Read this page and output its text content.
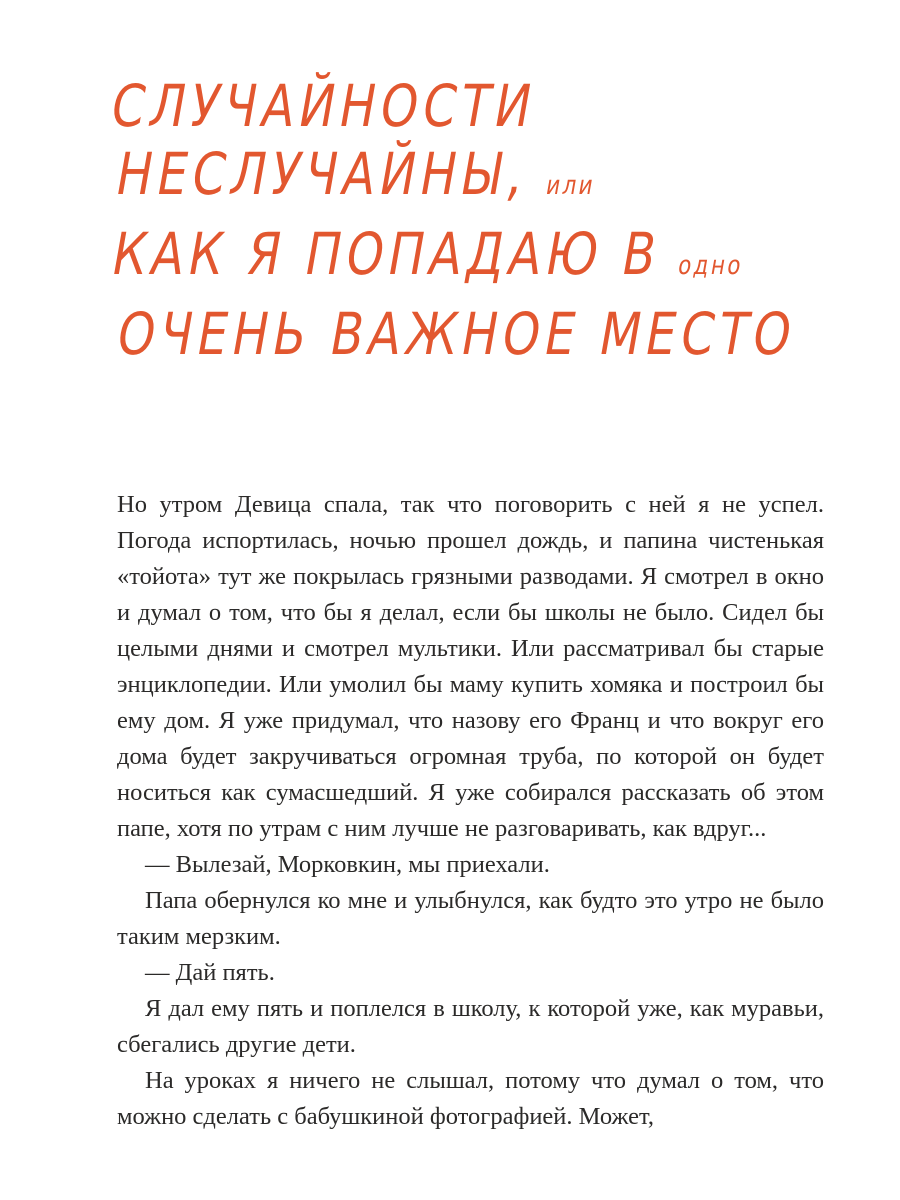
СЛУЧАЙНОСТИ
НЕСЛУЧАЙНЫ, или
КАК Я ПОПАДАЮ В одно
ОЧЕНЬ ВАЖНОЕ МЕСТО

Но утром Девица спала, так что поговорить с ней я не успел. Погода испортилась, ночью прошел дождь, и папина чистенькая «тойота» тут же покрылась грязными разводами. Я смотрел в окно и думал о том, что бы я делал, если бы школы не было. Сидел бы целыми днями и смотрел мультики. Или рассматривал бы старые энциклопедии. Или умолил бы маму купить хомяка и построил бы ему дом. Я уже придумал, что назову его Франц и что вокруг его дома будет закручиваться огромная труба, по которой он будет носиться как сумасшедший. Я уже собирался рассказать об этом папе, хотя по утрам с ним лучше не разговаривать, как вдруг...

— Вылезай, Морковкин, мы приехали.

Папа обернулся ко мне и улыбнулся, как будто это утро не было таким мерзким.

— Дай пять.

Я дал ему пять и поплелся в школу, к которой уже, как муравьи, сбегались другие дети.

На уроках я ничего не слышал, потому что думал о том, что можно сделать с бабушкиной фотографией. Может,
